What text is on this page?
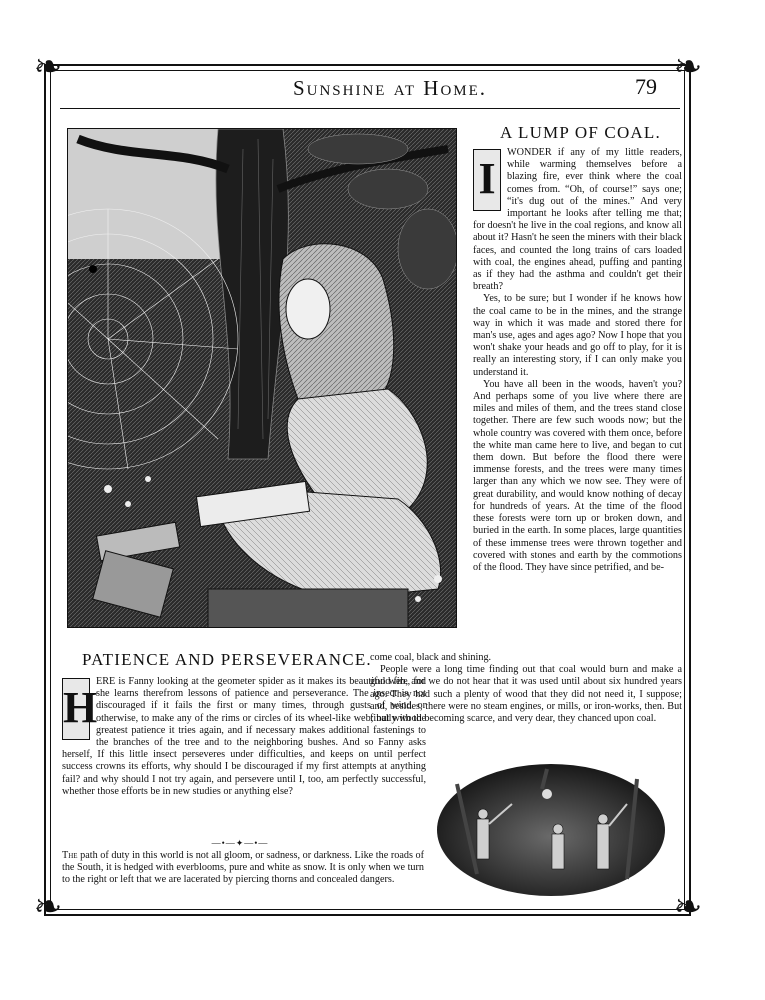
❧	❧
❧	❧
Sunshine at Home.	79
A LUMP OF COAL.

I
WONDER if any of my little readers, while warming themselves before a blazing fire, ever think where the coal comes from. “Oh, of course!” says one; “it's dug out of the mines.” And very important he looks after telling me that; for doesn't he live in the coal regions, and know all about it? Hasn't he seen the miners with their black faces, and counted the long trains of cars loaded with coal, the engines ahead, puffing and panting as if they had the asthma and couldn't get their breath?

Yes, to be sure; but I wonder if he knows how the coal came to be in the mines, and the strange way in which it was made and stored there for man's use, ages and ages ago? Now I hope that you won't shake your heads and go off to play, for it is really an interesting story, if I can only make you understand it.

You have all been in the woods, haven't you? And perhaps some of you live where there are miles and miles of them, and the trees stand close together. There are few such woods now; but the whole country was covered with them once, before the white man came here to live, and began to cut them down. But before the flood there were immense forests, and the trees were many times larger than any which we now see. They were of great durability, and would know nothing of decay for hundreds of years. At the time of the flood these forests were torn up or broken down, and buried in the earth. In some places, large quantities of these immense trees were thrown together and covered with stones and earth by the commotions of the flood. They have since petrified, and be-

come coal, black and shining.

People were a long time finding out that coal would burn and make a good fire, for we do not hear that it was used until about six hundred years ago. They had such a plenty of wood that they did not need it, I suppose; and, besides, there were no steam engines, or mills, or iron-works, then. But finally wood becoming scarce, and very dear, they chanced upon coal.

PATIENCE AND PERSEVERANCE.

H
ERE is Fanny looking at the geometer spider as it makes its beautiful web, and she learns therefrom lessons of patience and perseverance. The insect is not discouraged if it fails the first or many times, through gusts of wind or otherwise, to make any of the rims or circles of its wheel-like web; but with the greatest patience it tries again, and if necessary makes additional fastenings to the branches of the tree and to the neighboring bushes. And so Fanny asks herself, If this little insect perseveres under difficulties, and keeps on until perfect success crowns its efforts, why should I be discouraged if my first attempts at anything fail? and why should I not try again, and persevere until I, too, am perfectly successful, whether those efforts be in new studies or anything else?

—•—✦—•—
The path of duty in this world is not all gloom, or sadness, or darkness. Like the roads of the South, it is hedged with everblooms, pure and white as snow. It is only when we turn to the right or left that we are lacerated by piercing thorns and concealed dangers.
